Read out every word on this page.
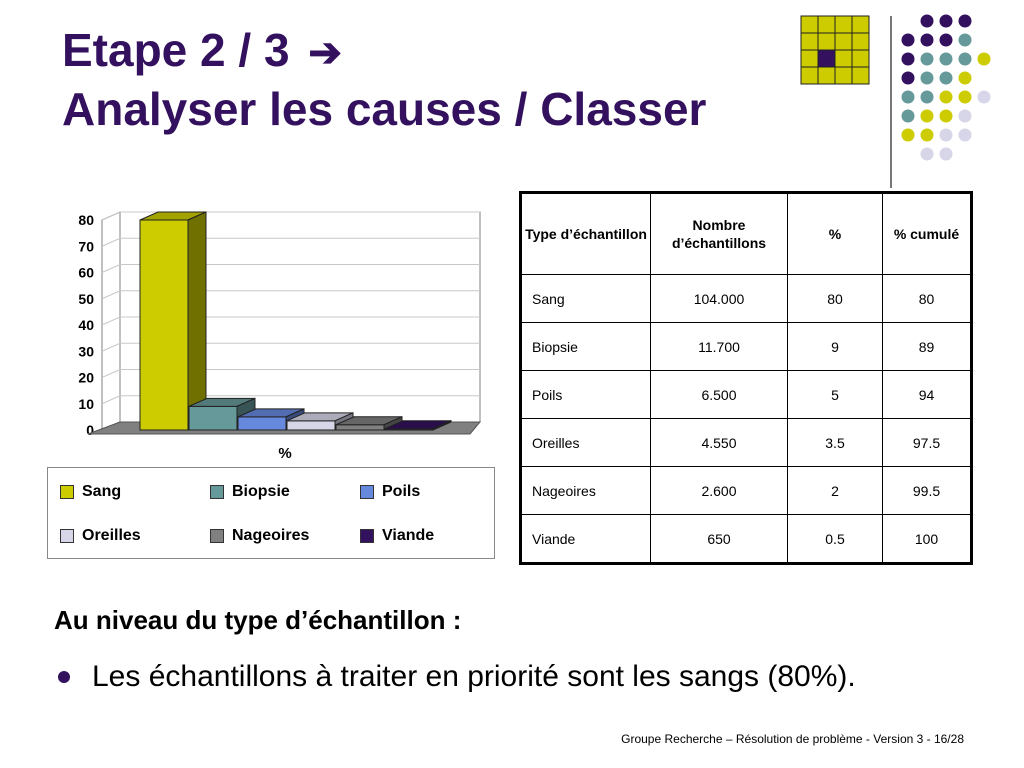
Etape 2 / 3 ➔
Analyser les causes / Classer
0
10
20
30
40
50
60
70
80
%
Sang	Biopsie	Poils
Oreilles	Nageoires	Viande
Type d’échantillon	Nombre d’échantillons	%	% cumulé
Sang	104.000	80	80
Biopsie	11.700	9	89
Poils	6.500	5	94
Oreilles	4.550	3.5	97.5
Nageoires	2.600	2	99.5
Viande	650	0.5	100

Au niveau du type d’échantillon :

Les échantillons à traiter en priorité sont les sangs (80%).
Groupe Recherche – Résolution de problème - Version 3 - 16/28
